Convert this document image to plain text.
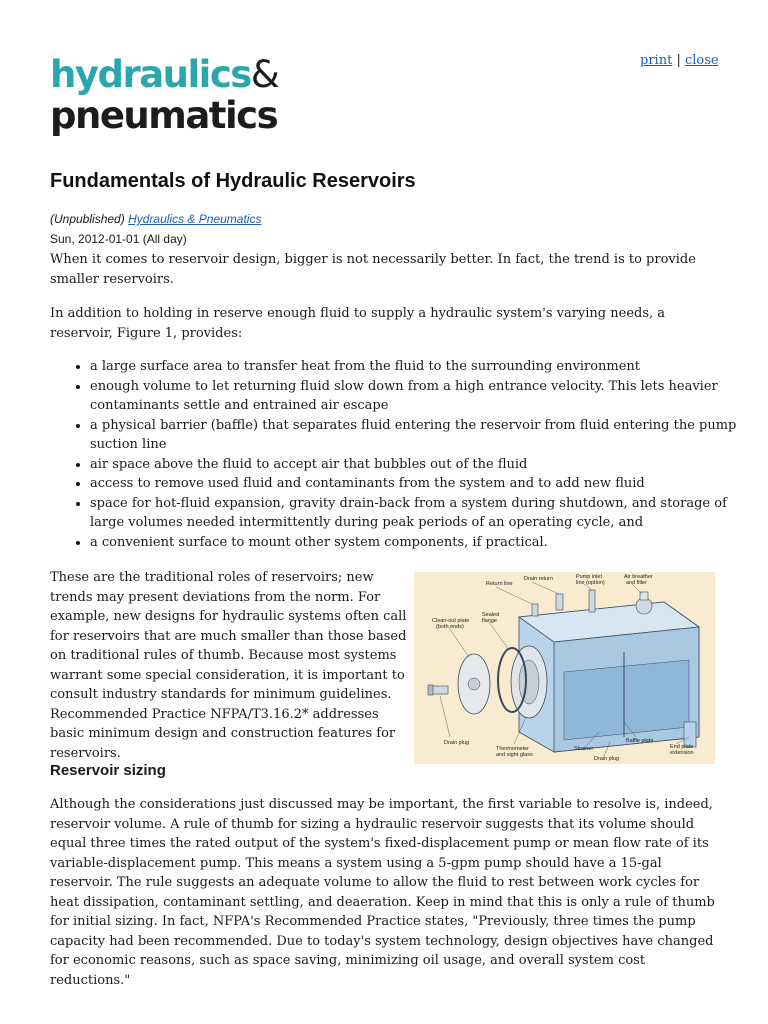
print | close
hydraulics&
pneumatics
Fundamentals of Hydraulic Reservoirs
(Unpublished) Hydraulics & Pneumatics
Sun, 2012-01-01 (All day)

When it comes to reservoir design, bigger is not necessarily better. In fact, the trend is to provide smaller reservoirs.

In addition to holding in reserve enough fluid to supply a hydraulic system's varying needs, a reservoir, Figure 1, provides:

• a large surface area to transfer heat from the fluid to the surrounding environment
• enough volume to let returning fluid slow down from a high entrance velocity. This lets heavier contaminants settle and entrained air escape
• a physical barrier (baffle) that separates fluid entering the reservoir from fluid entering the pump suction line
• air space above the fluid to accept air that bubbles out of the fluid
• access to remove used fluid and contaminants from the system and to add new fluid
• space for hot-fluid expansion, gravity drain-back from a system during shutdown, and storage of large volumes needed intermittently during peak periods of an operating cycle, and
• a convenient surface to mount other system components, if practical.

These are the traditional roles of reservoirs; new trends may present deviations from the norm. For example, new designs for hydraulic systems often call for reservoirs that are much smaller than those based on traditional rules of thumb. Because most systems warrant some special consideration, it is important to consult industry standards for minimum guidelines. Recommended Practice NFPA/T3.16.2* addresses basic minimum design and construction features for reservoirs.

Return line
Drain return	Pump inlet
line (option)
Air breather
and filler
Clean-out plate
(both ends)
Sealed
flange
Drain plug
Thermometer
and sight glass
Strainer
Drain plug
Baffle plate
End plate
extension
Reservoir sizing

Although the considerations just discussed may be important, the first variable to resolve is, indeed, reservoir volume. A rule of thumb for sizing a hydraulic reservoir suggests that its volume should equal three times the rated output of the system's fixed-displacement pump or mean flow rate of its variable-displacement pump. This means a system using a 5-gpm pump should have a 15-gal reservoir. The rule suggests an adequate volume to allow the fluid to rest between work cycles for heat dissipation, contaminant settling, and deaeration. Keep in mind that this is only a rule of thumb for initial sizing. In fact, NFPA's Recommended Practice states, "Previously, three times the pump capacity had been recommended. Due to today's system technology, design objectives have changed for economic reasons, such as space saving, minimizing oil usage, and overall system cost reductions."
